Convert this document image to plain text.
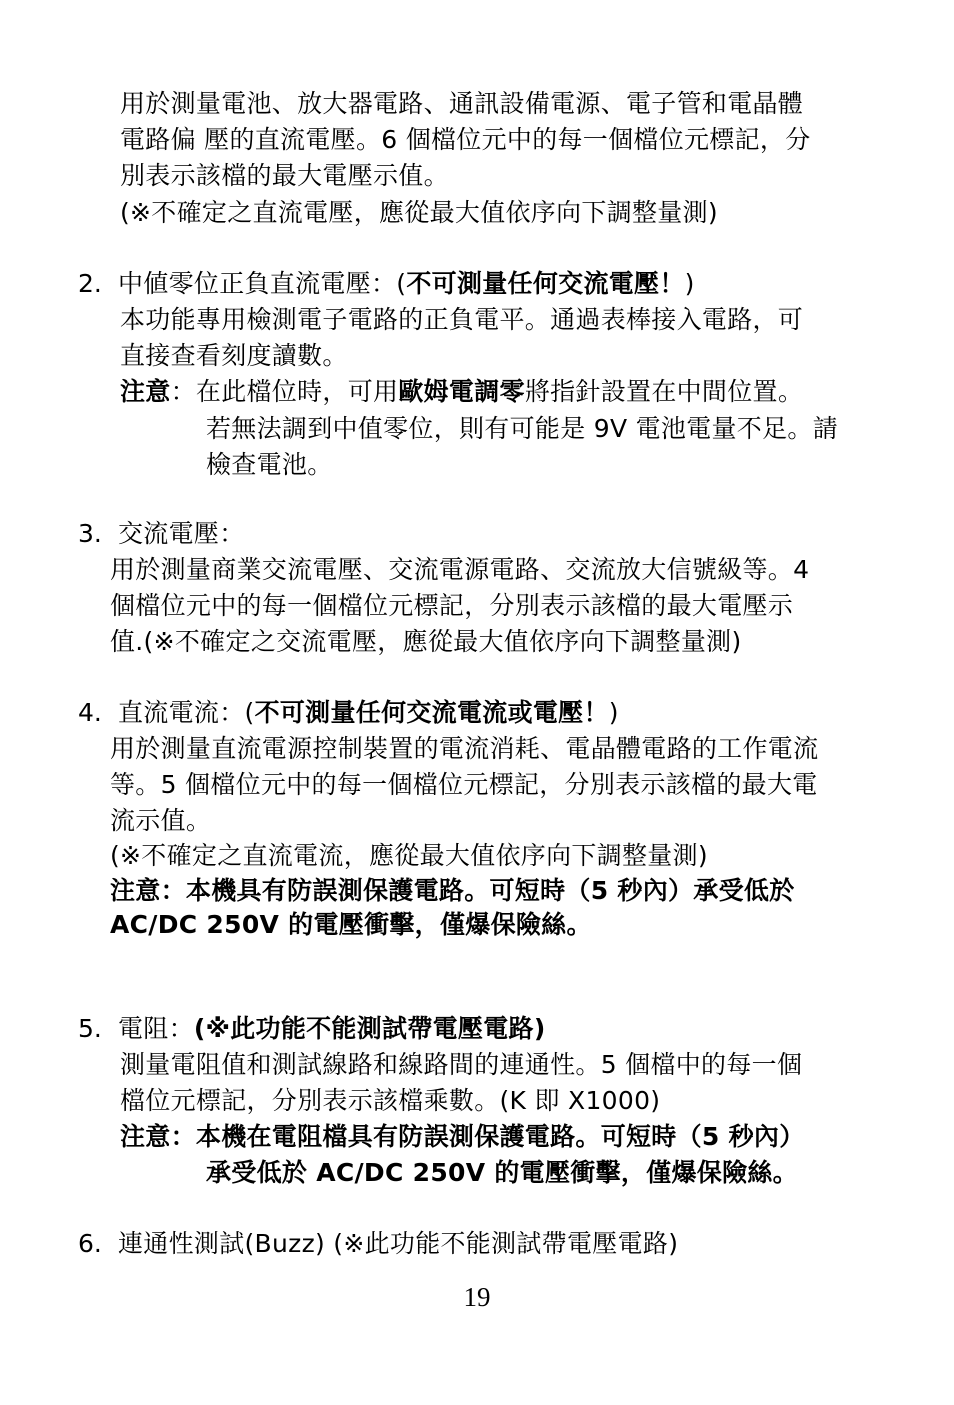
用於測量電池、放大器電路、通訊設備電源、電子管和電晶體
電路偏 壓的直流電壓。6 個檔位元中的每一個檔位元標記，分
別表示該檔的最大電壓示值。
(※不確定之直流電壓，應從最大值依序向下調整量測)
2. 中値零位正負直流電壓：(不可測量任何交流電壓！)
本功能專用檢測電子電路的正負電平。通過表棒接入電路，可
直接查看刻度讀數。
注意：在此檔位時，可用歐姆電調零將指針設置在中間位置。
若無法調到中值零位，則有可能是 9V 電池電量不足。請
檢查電池。
3. 交流電壓：
用於測量商業交流電壓、交流電源電路、交流放大信號級等。4
個檔位元中的每一個檔位元標記，分別表示該檔的最大電壓示
值.(※不確定之交流電壓，應從最大值依序向下調整量測)
4. 直流電流：(不可測量任何交流電流或電壓！)
用於測量直流電源控制裝置的電流消耗、電晶體電路的工作電流
等。5 個檔位元中的每一個檔位元標記，分別表示該檔的最大電
流示值。
(※不確定之直流電流，應從最大值依序向下調整量測)
注意：本機具有防誤測保護電路。可短時（5 秒內）承受低於
AC/DC 250V 的電壓衝擊，僅爆保險絲。
5. 電阻：(※此功能不能測試帶電壓電路)
測量電阻值和測試線路和線路間的連通性。5 個檔中的每一個
檔位元標記，分別表示該檔乘數。(K 即 X1000)
注意：本機在電阻檔具有防誤測保護電路。可短時（5 秒內）
承受低於 AC/DC 250V 的電壓衝擊，僅爆保險絲。
6. 連通性測試(Buzz) (※此功能不能測試帶電壓電路)
19
